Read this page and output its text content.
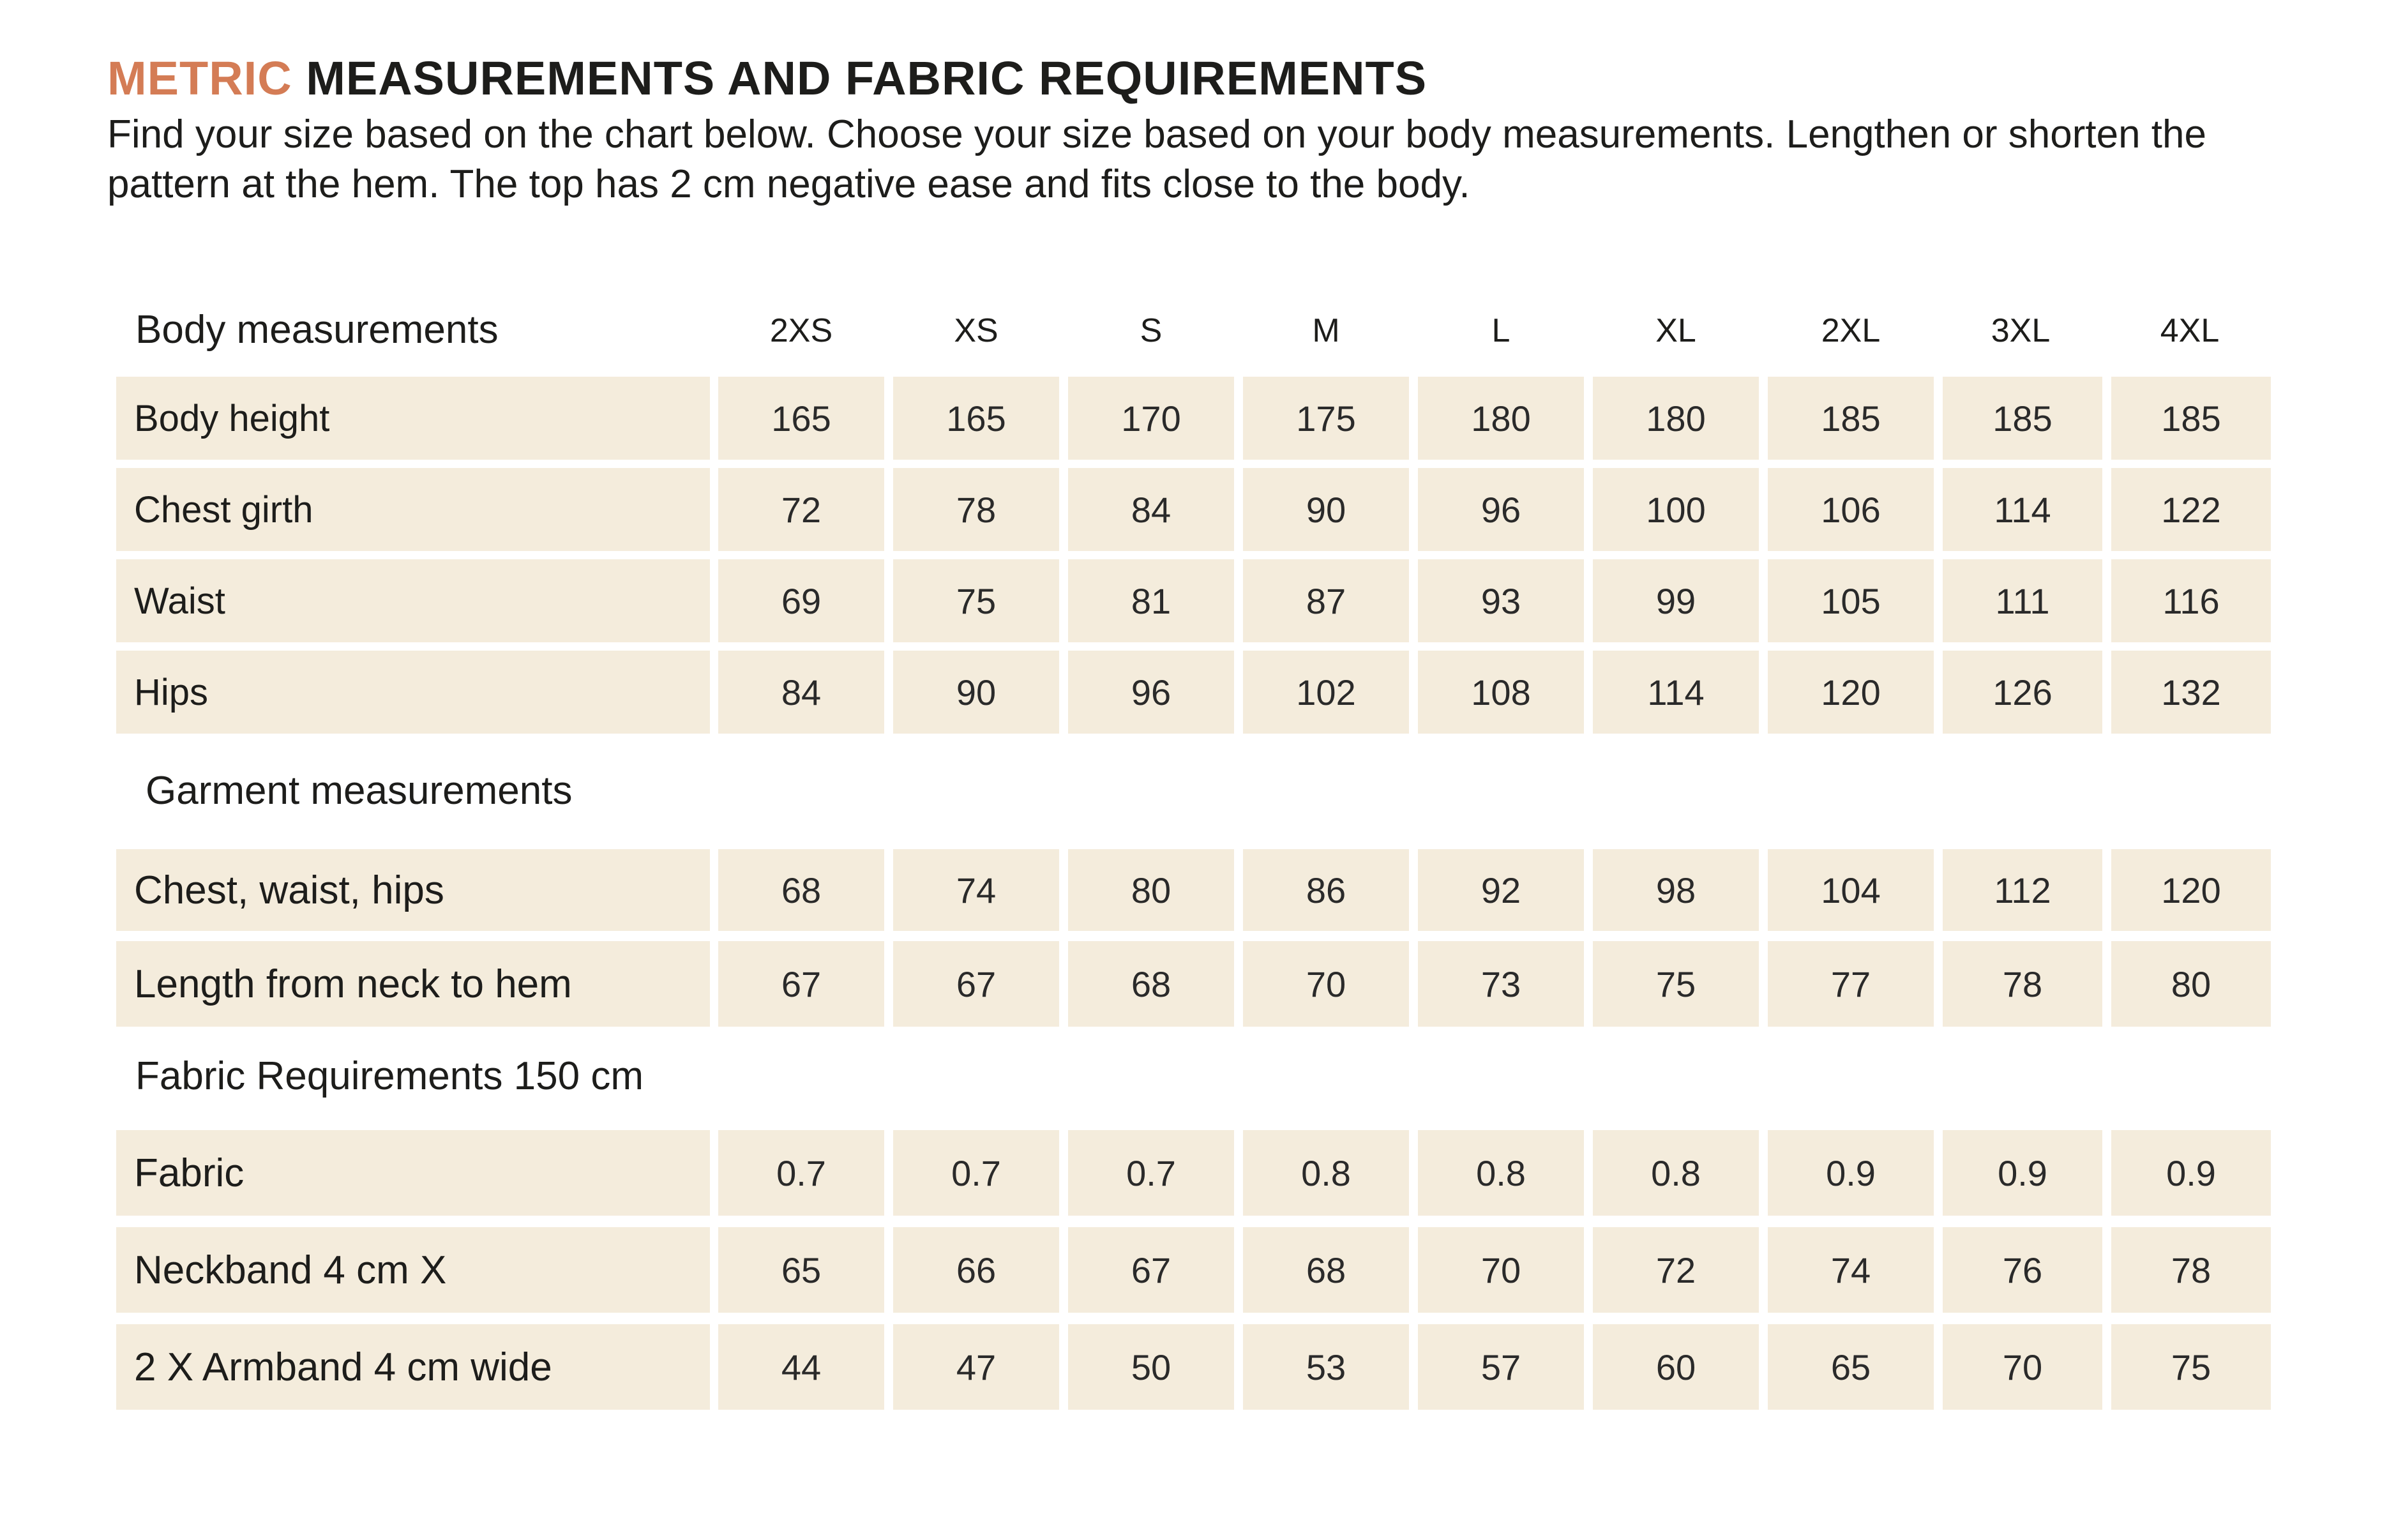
METRIC MEASUREMENTS AND FABRIC REQUIREMENTS
Find your size based on the chart below. Choose your size based on your body measurements. Lengthen or shorten the
pattern at the hem. The top has 2 cm negative ease and fits close to the body.
Body measurements	2XS	XS	S	M	L	XL	2XL	3XL	4XL
Body height	165	165	170	175	180	180	185	185	185
Chest girth	72	78	84	90	96	100	106	114	122
Waist	69	75	81	87	93	99	105	111	116
Hips	84	90	96	102	108	114	120	126	132
Garment measurements
Chest, waist, hips	68	74	80	86	92	98	104	112	120
Length from neck to hem	67	67	68	70	73	75	77	78	80
Fabric Requirements 150 cm
Fabric	0.7	0.7	0.7	0.8	0.8	0.8	0.9	0.9	0.9
Neckband 4 cm X	65	66	67	68	70	72	74	76	78
2 X Armband 4 cm wide	44	47	50	53	57	60	65	70	75
